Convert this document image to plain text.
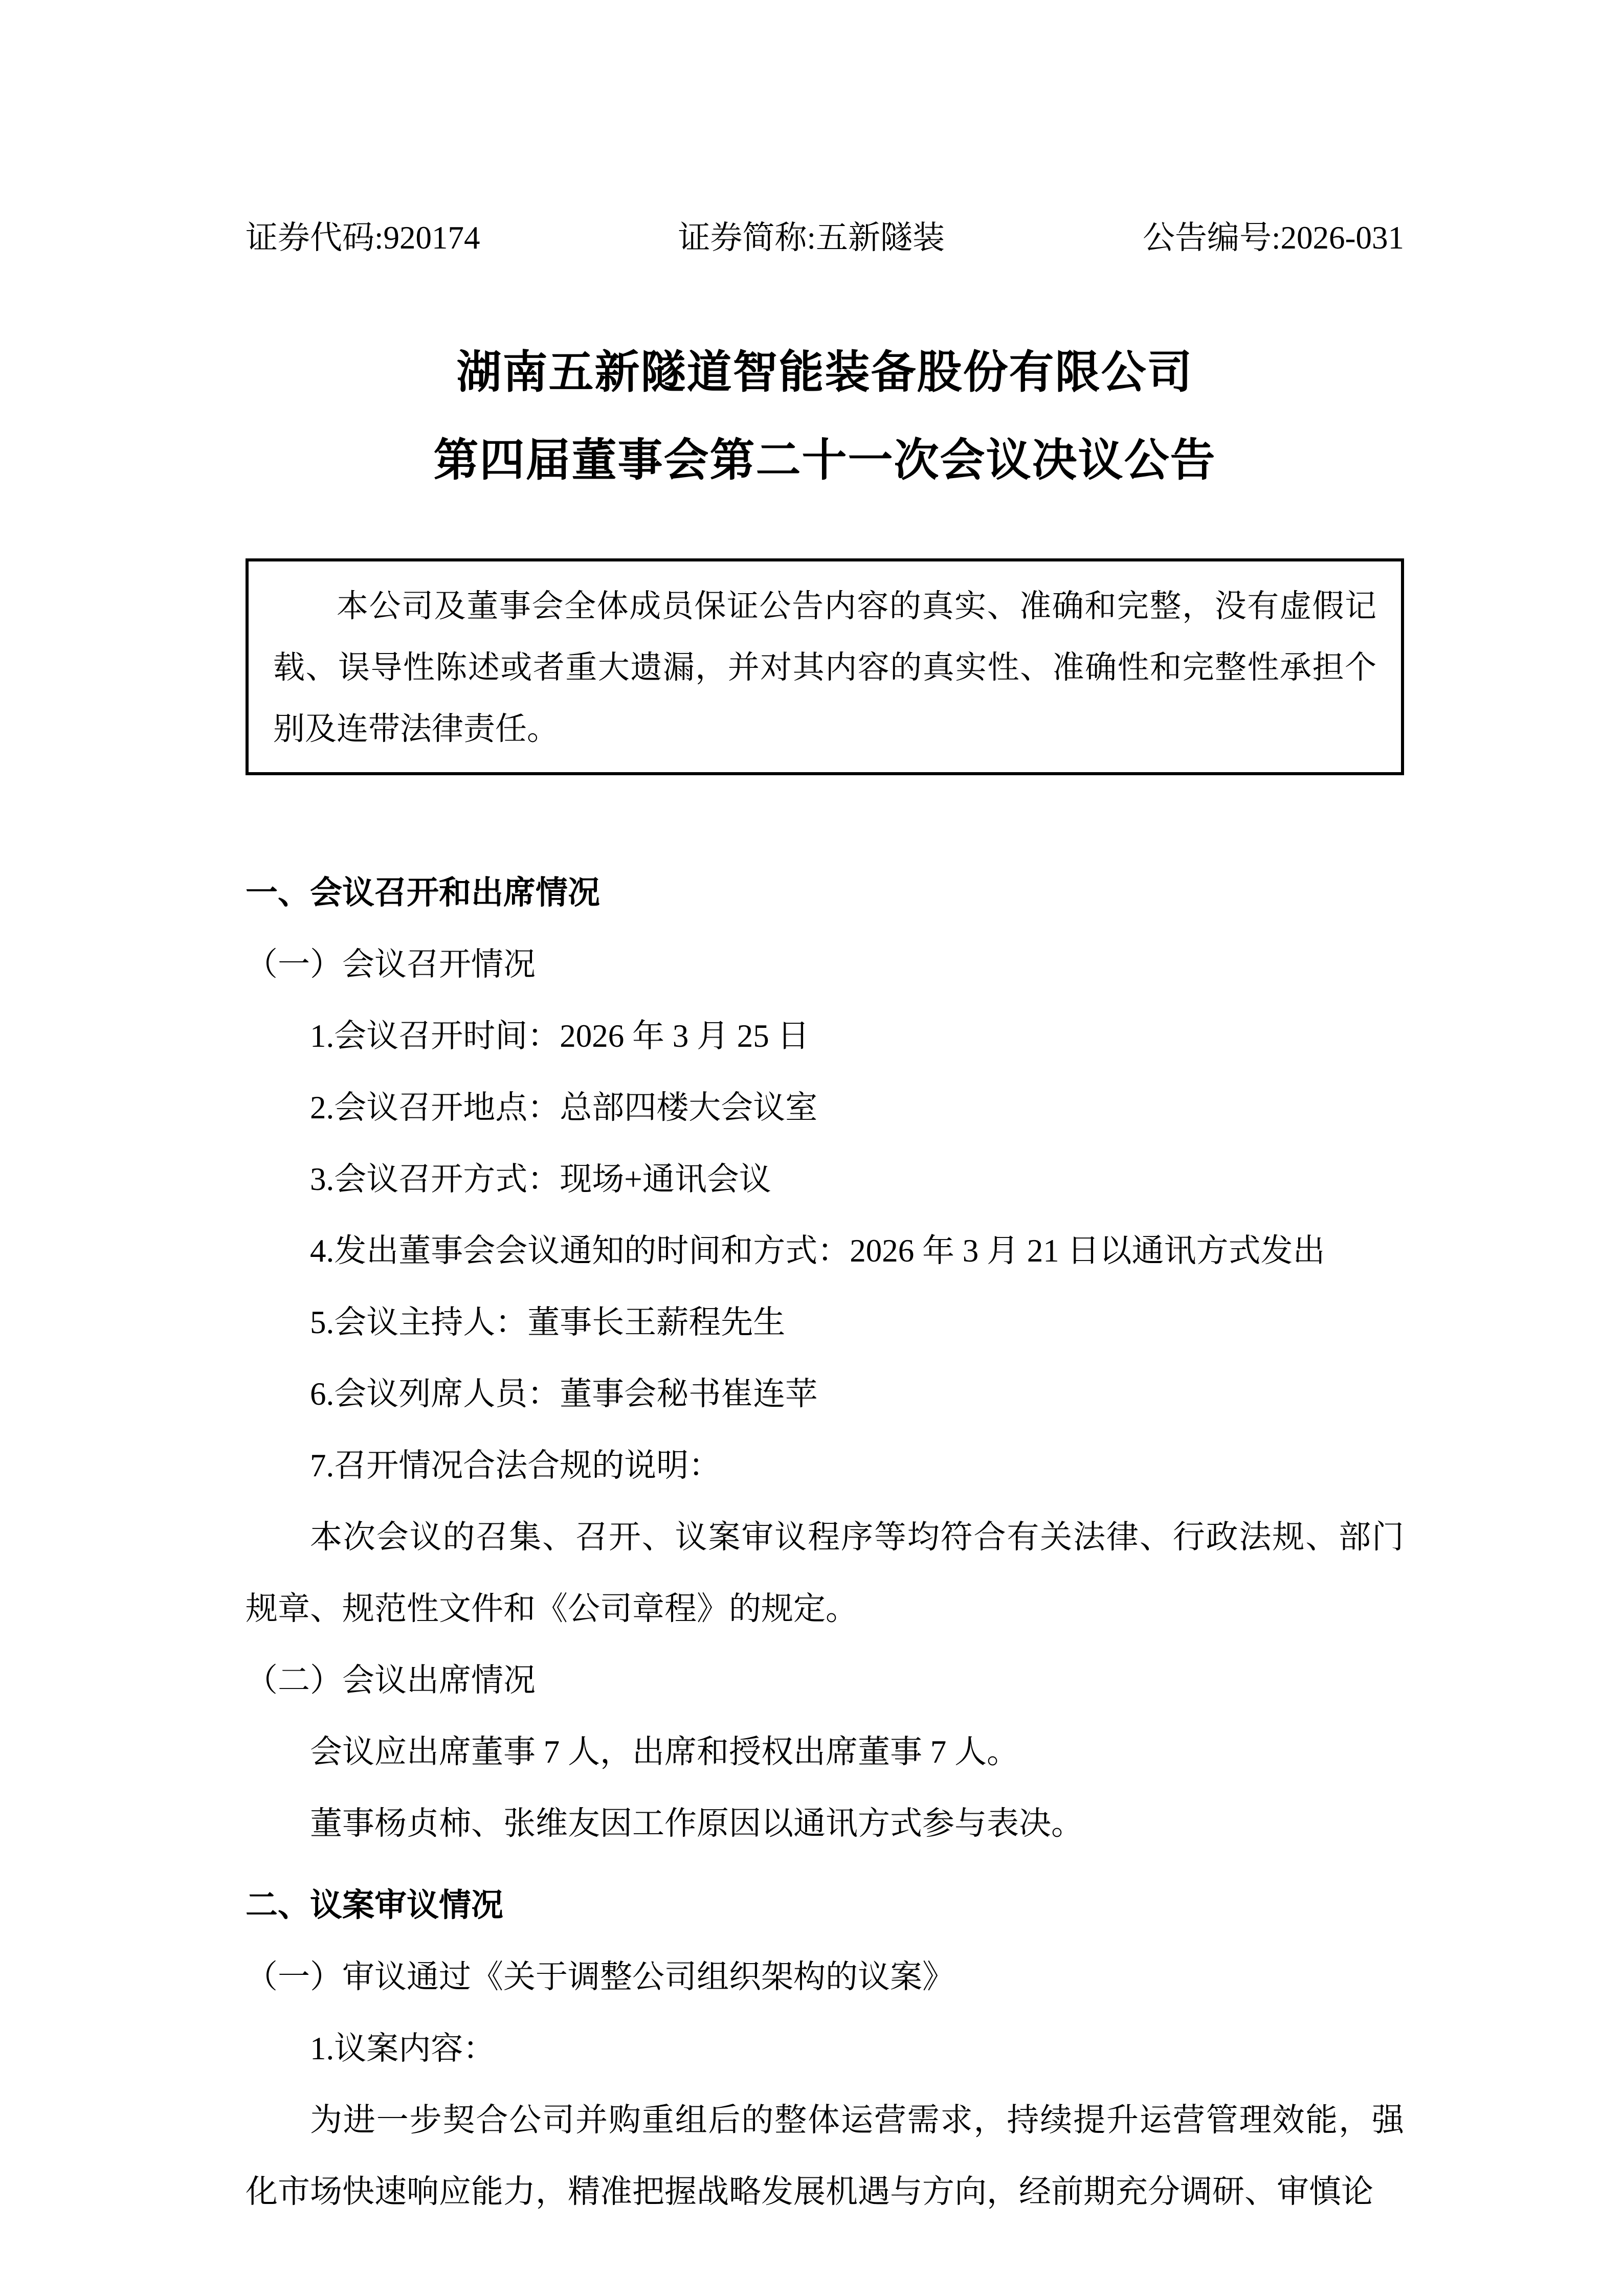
证券代码:920174	证券简称:五新隧装	公告编号:2026-031

湖南五新隧道智能装备股份有限公司

第四届董事会第二十一次会议决议公告

本公司及董事会全体成员保证公告内容的真实、准确和完整，没有虚假记载、误导性陈述或者重大遗漏，并对其内容的真实性、准确性和完整性承担个别及连带法律责任。

一、会议召开和出席情况

（一）会议召开情况

1.会议召开时间：2026 年 3 月 25 日

2.会议召开地点：总部四楼大会议室

3.会议召开方式：现场+通讯会议

4.发出董事会会议通知的时间和方式：2026 年 3 月 21 日以通讯方式发出

5.会议主持人：董事长王薪程先生

6.会议列席人员：董事会秘书崔连苹

7.召开情况合法合规的说明：

本次会议的召集、召开、议案审议程序等均符合有关法律、行政法规、部门规章、规范性文件和《公司章程》的规定。

（二）会议出席情况

会议应出席董事 7 人，出席和授权出席董事 7 人。

董事杨贞柿、张维友因工作原因以通讯方式参与表决。

二、议案审议情况

（一）审议通过《关于调整公司组织架构的议案》

1.议案内容：

为进一步契合公司并购重组后的整体运营需求，持续提升运营管理效能，强化市场快速响应能力，精准把握战略发展机遇与方向，经前期充分调研、审慎论
